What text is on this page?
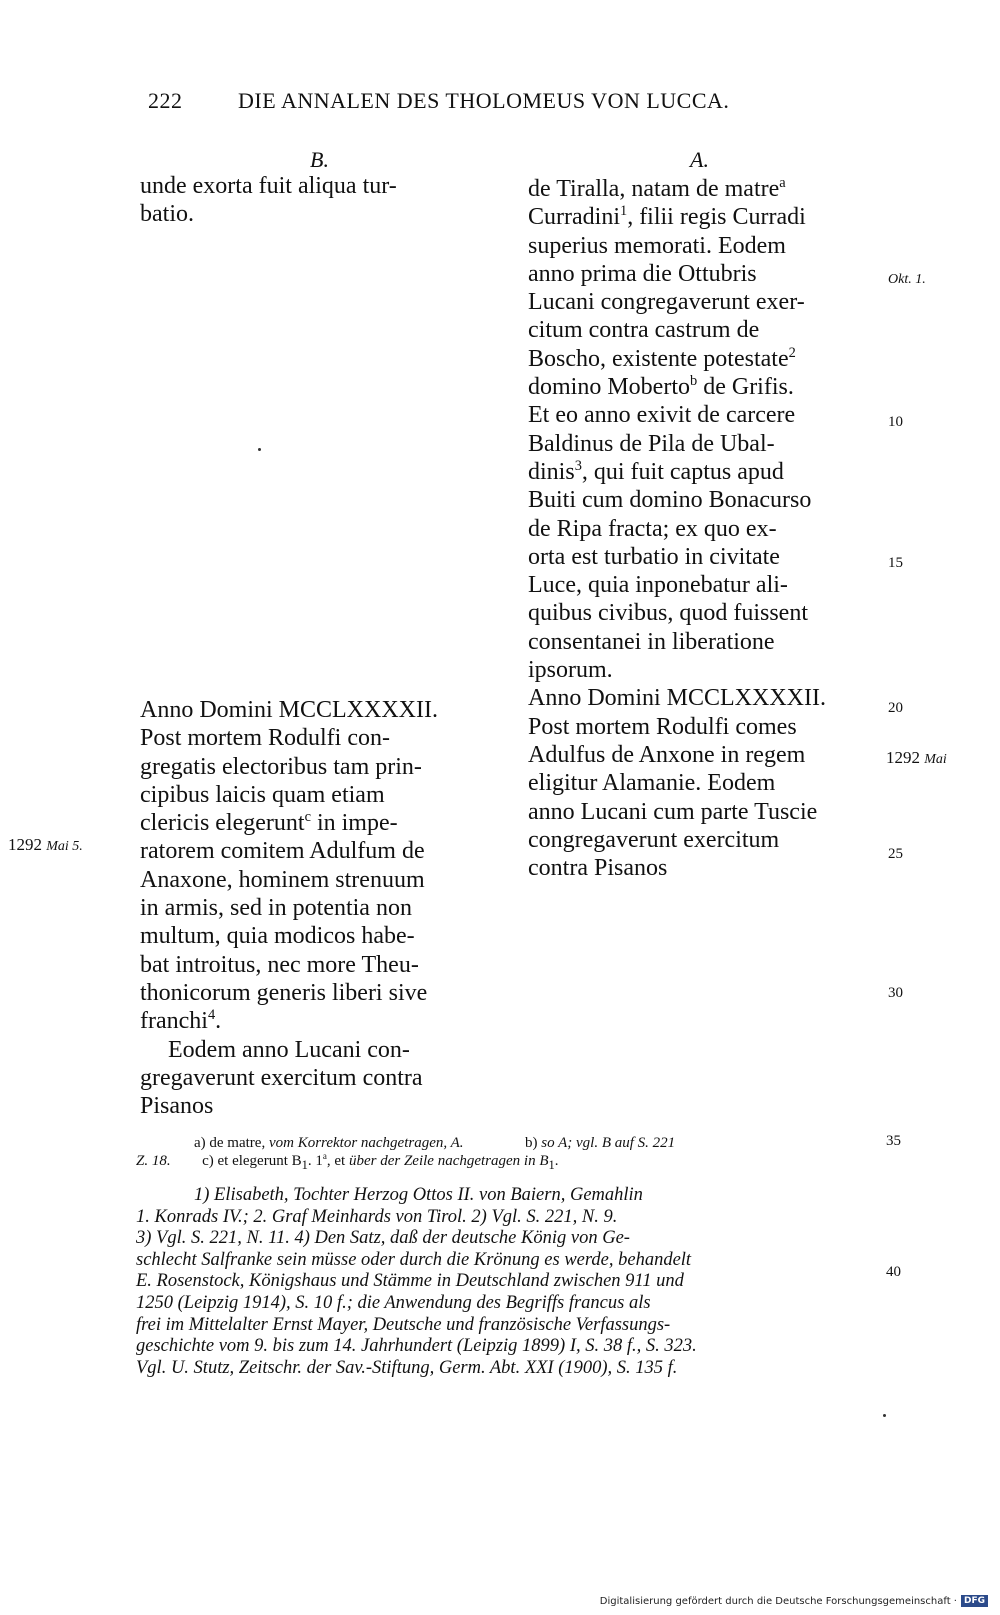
222	DIE ANNALEN DES THOLOMEUS VON LUCCA.
B.	A.
unde exorta fuit aliqua tur-
batio.
Anno Domini MCCLXXXXII.
Post mortem Rodulfi con-
gregatis electoribus tam prin-
cipibus laicis quam etiam
clericis elegerunt$^c$ in impe-
ratorem comitem Adulfum de
Anaxone, hominem strenuum
in armis, sed in potentia non
multum, quia modicos habe-
bat introitus, nec more Theu-
thonicorum generis liberi sive
franchi$^4$.
Eodem anno Lucani con-
gregaverunt exercitum contra
Pisanos
de Tiralla, natam de matre$^a$
Curradini$^1$, filii regis Curradi
superius memorati. Eodem
anno prima die Ottubris
Lucani congregaverunt exer-
citum contra castrum de
Boscho, existente potestate$^2$
domino Moberto$^b$ de Grifis.
Et eo anno exivit de carcere
Baldinus de Pila de Ubal-
dinis$^3$, qui fuit captus apud
Buiti cum domino Bonacurso
de Ripa fracta; ex quo ex-
orta est turbatio in civitate
Luce, quia inponebatur ali-
quibus civibus, quod fuissent
consentanei in liberatione
ipsorum.
Anno Domini MCCLXXXXII.
Post mortem Rodulfi comes
Adulfus de Anxone in regem
eligitur Alamanie. Eodem
anno Lucani cum parte Tuscie
congregaverunt exercitum
contra Pisanos
Okt. 1.
1292 Mai
1292 Mai 5.
10
15
20
25
30
35
40
a) de matre, vom Korrektor nachgetragen, A.	b) so A; vgl. B auf S. 221
Z. 18. c) et elegerunt $B_1$. 1$^a$, et über der Zeile nachgetragen in $B_1$.
1) Elisabeth, Tochter Herzog Ottos II. von Baiern, Gemahlin
1. Konrads IV.; 2. Graf Meinhards von Tirol. 2) Vgl. S. 221, N. 9.
3) Vgl. S. 221, N. 11. 4) Den Satz, daß der deutsche König von Ge-
schlecht Salfranke sein müsse oder durch die Krönung es werde, behandelt
E. Rosenstock, Königshaus und Stämme in Deutschland zwischen 911 und
1250 (Leipzig 1914), S. 10 f.; die Anwendung des Begriffs francus als
frei im Mittelalter Ernst Mayer, Deutsche und französische Verfassungs-
geschichte vom 9. bis zum 14. Jahrhundert (Leipzig 1899) I, S. 38 f., S. 323.
Vgl. U. Stutz, Zeitschr. der Sav.-Stiftung, Germ. Abt. XXI (1900), S. 135 f.
Digitalisierung gefördert durch die Deutsche Forschungsgemeinschaft · DFG
